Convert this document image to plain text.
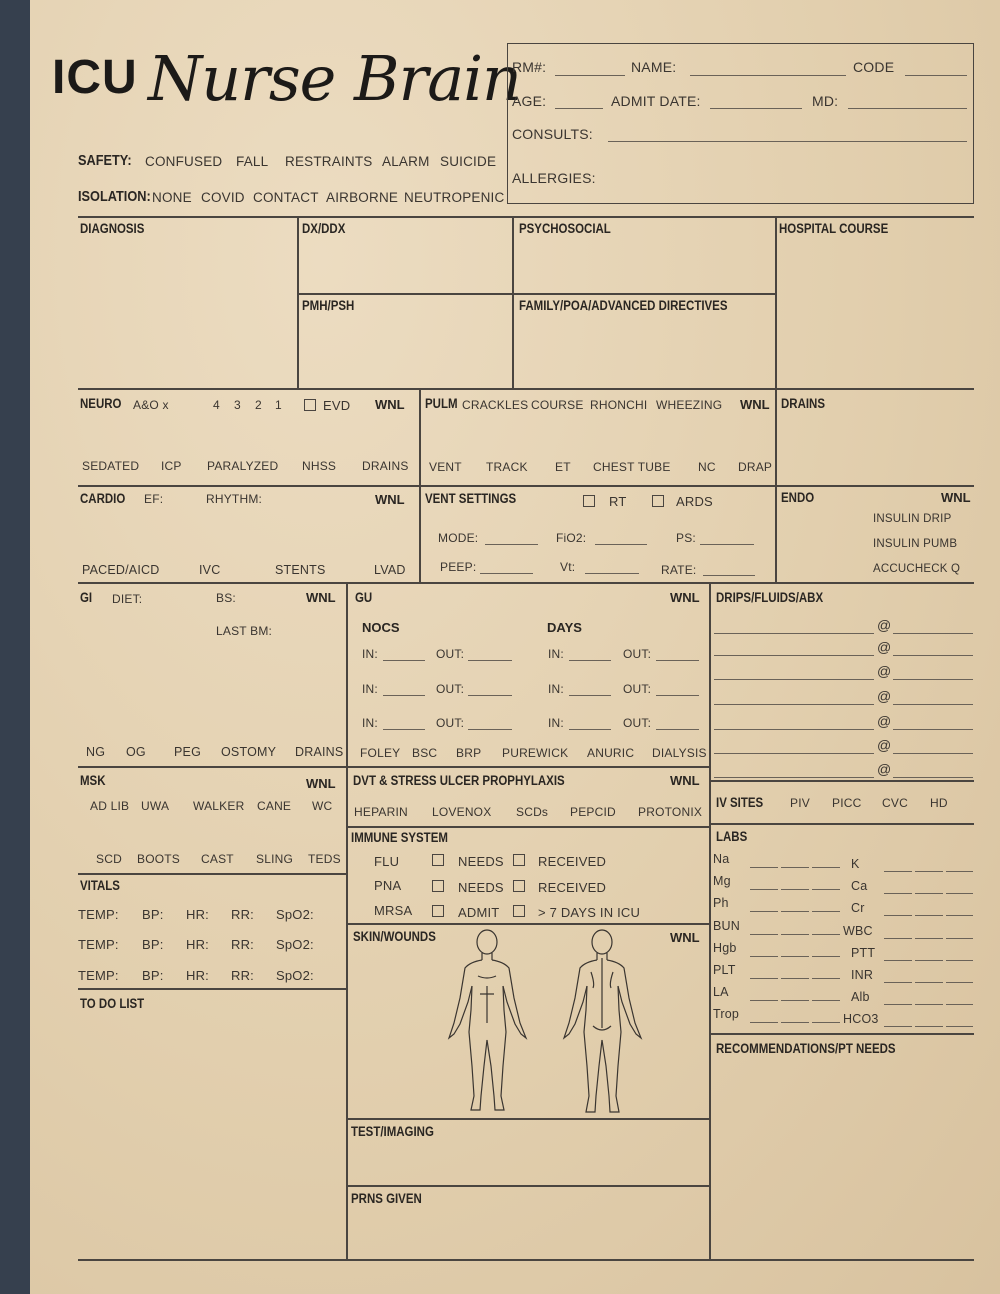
ICU Nurse Brain
SAFETY: CONFUSED FALL RESTRAINTS ALARM SUICIDE
ISOLATION: NONE COVID CONTACT AIRBORNE NEUTROPENIC
RM#:	NAME:	CODE
AGE:	ADMIT DATE:	MD:
CONSULTS:
ALLERGIES:
DIAGNOSIS	DX/DDX
PMH/PSH
PSYCHOSOCIAL
FAMILY/POA/ADVANCED DIRECTIVES
HOSPITAL COURSE
NEURO A&O x	4 3 2 1	EVD WNL
SEDATED ICP PARALYZED NHSS DRAINS
PULM CRACKLES COURSE RHONCHI WHEEZING WNL
VENT TRACK ET CHEST TUBE NC DRAP
DRAINS
CARDIO EF:	RHYTHM:	WNL
PACED/AICD	IVC	STENTS	LVAD
VENT SETTINGS	RT	ARDS
MODE:	FiO2:	PS:
PEEP:	Vt:	RATE:
ENDO	WNL
INSULIN DRIP
INSULIN PUMB
ACCUCHECK Q
GI DIET:	BS:	WNL
LAST BM:
NG OG PEG OSTOMY DRAINS
GU	WNL
NOCS	DAYS
IN:	OUT:	IN:	OUT:
IN:	OUT:	IN:	OUT:
IN:	OUT:	IN:	OUT:
FOLEY BSC BRP PUREWICK ANURIC DIALYSIS
DRIPS/FLUIDS/ABX
@
@
@
@
@
@
@
MSK	WNL
AD LIB UWA WALKER CANE WC
SCD BOOTS CAST SLING TEDS
DVT & STRESS ULCER PROPHYLAXIS	WNL
HEPARIN LOVENOX SCDs PEPCID PROTONIX
IV SITES PIV PICC CVC HD
IMMUNE SYSTEM
FLU	NEEDS	RECEIVED
PNA	NEEDS	RECEIVED
MRSA	ADMIT	> 7 DAYS IN ICU
LABS
Na	K
Mg	Ca
Ph	Cr
BUN	WBC
Hgb	PTT
PLT	INR
LA	Alb
Trop	HCO3
VITALS
TEMP: BP: HR: RR: SpO2:
TEMP: BP: HR: RR: SpO2:
TEMP: BP: HR: RR: SpO2:
TO DO LIST
SKIN/WOUNDS	WNL
RECOMMENDATIONS/PT NEEDS
TEST/IMAGING
PRNS GIVEN
